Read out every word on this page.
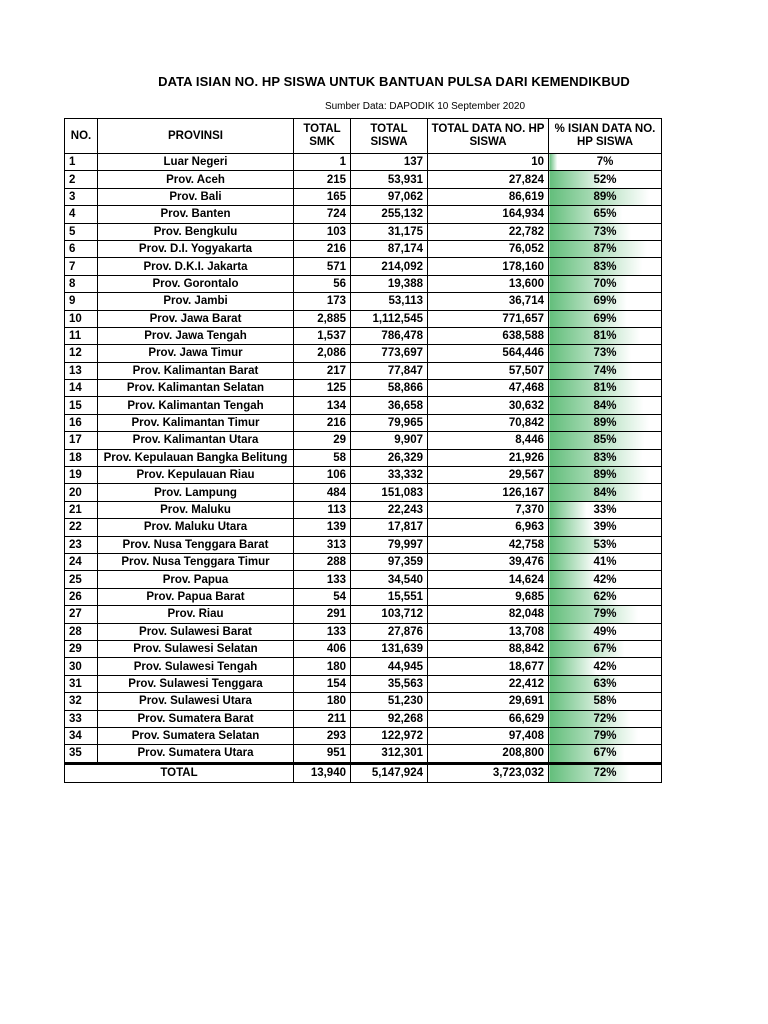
DATA ISIAN NO. HP SISWA UNTUK BANTUAN PULSA DARI KEMENDIKBUD
Sumber Data: DAPODIK 10 September 2020
NO.	PROVINSI	TOTAL SMK	TOTAL SISWA	TOTAL DATA NO. HP SISWA	% ISIAN DATA NO. HP SISWA
1	Luar Negeri	1	137	10	7%
2	Prov. Aceh	215	53,931	27,824	52%
3	Prov. Bali	165	97,062	86,619	89%
4	Prov. Banten	724	255,132	164,934	65%
5	Prov. Bengkulu	103	31,175	22,782	73%
6	Prov. D.I. Yogyakarta	216	87,174	76,052	87%
7	Prov. D.K.I. Jakarta	571	214,092	178,160	83%
8	Prov. Gorontalo	56	19,388	13,600	70%
9	Prov. Jambi	173	53,113	36,714	69%
10	Prov. Jawa Barat	2,885	1,112,545	771,657	69%
11	Prov. Jawa Tengah	1,537	786,478	638,588	81%
12	Prov. Jawa Timur	2,086	773,697	564,446	73%
13	Prov. Kalimantan Barat	217	77,847	57,507	74%
14	Prov. Kalimantan Selatan	125	58,866	47,468	81%
15	Prov. Kalimantan Tengah	134	36,658	30,632	84%
16	Prov. Kalimantan Timur	216	79,965	70,842	89%
17	Prov. Kalimantan Utara	29	9,907	8,446	85%
18	Prov. Kepulauan Bangka Belitung	58	26,329	21,926	83%
19	Prov. Kepulauan Riau	106	33,332	29,567	89%
20	Prov. Lampung	484	151,083	126,167	84%
21	Prov. Maluku	113	22,243	7,370	33%
22	Prov. Maluku Utara	139	17,817	6,963	39%
23	Prov. Nusa Tenggara Barat	313	79,997	42,758	53%
24	Prov. Nusa Tenggara Timur	288	97,359	39,476	41%
25	Prov. Papua	133	34,540	14,624	42%
26	Prov. Papua Barat	54	15,551	9,685	62%
27	Prov. Riau	291	103,712	82,048	79%
28	Prov. Sulawesi Barat	133	27,876	13,708	49%
29	Prov. Sulawesi Selatan	406	131,639	88,842	67%
30	Prov. Sulawesi Tengah	180	44,945	18,677	42%
31	Prov. Sulawesi Tenggara	154	35,563	22,412	63%
32	Prov. Sulawesi Utara	180	51,230	29,691	58%
33	Prov. Sumatera Barat	211	92,268	66,629	72%
34	Prov. Sumatera Selatan	293	122,972	97,408	79%
35	Prov. Sumatera Utara	951	312,301	208,800	67%
TOTAL		13,940	5,147,924	3,723,032	72%
